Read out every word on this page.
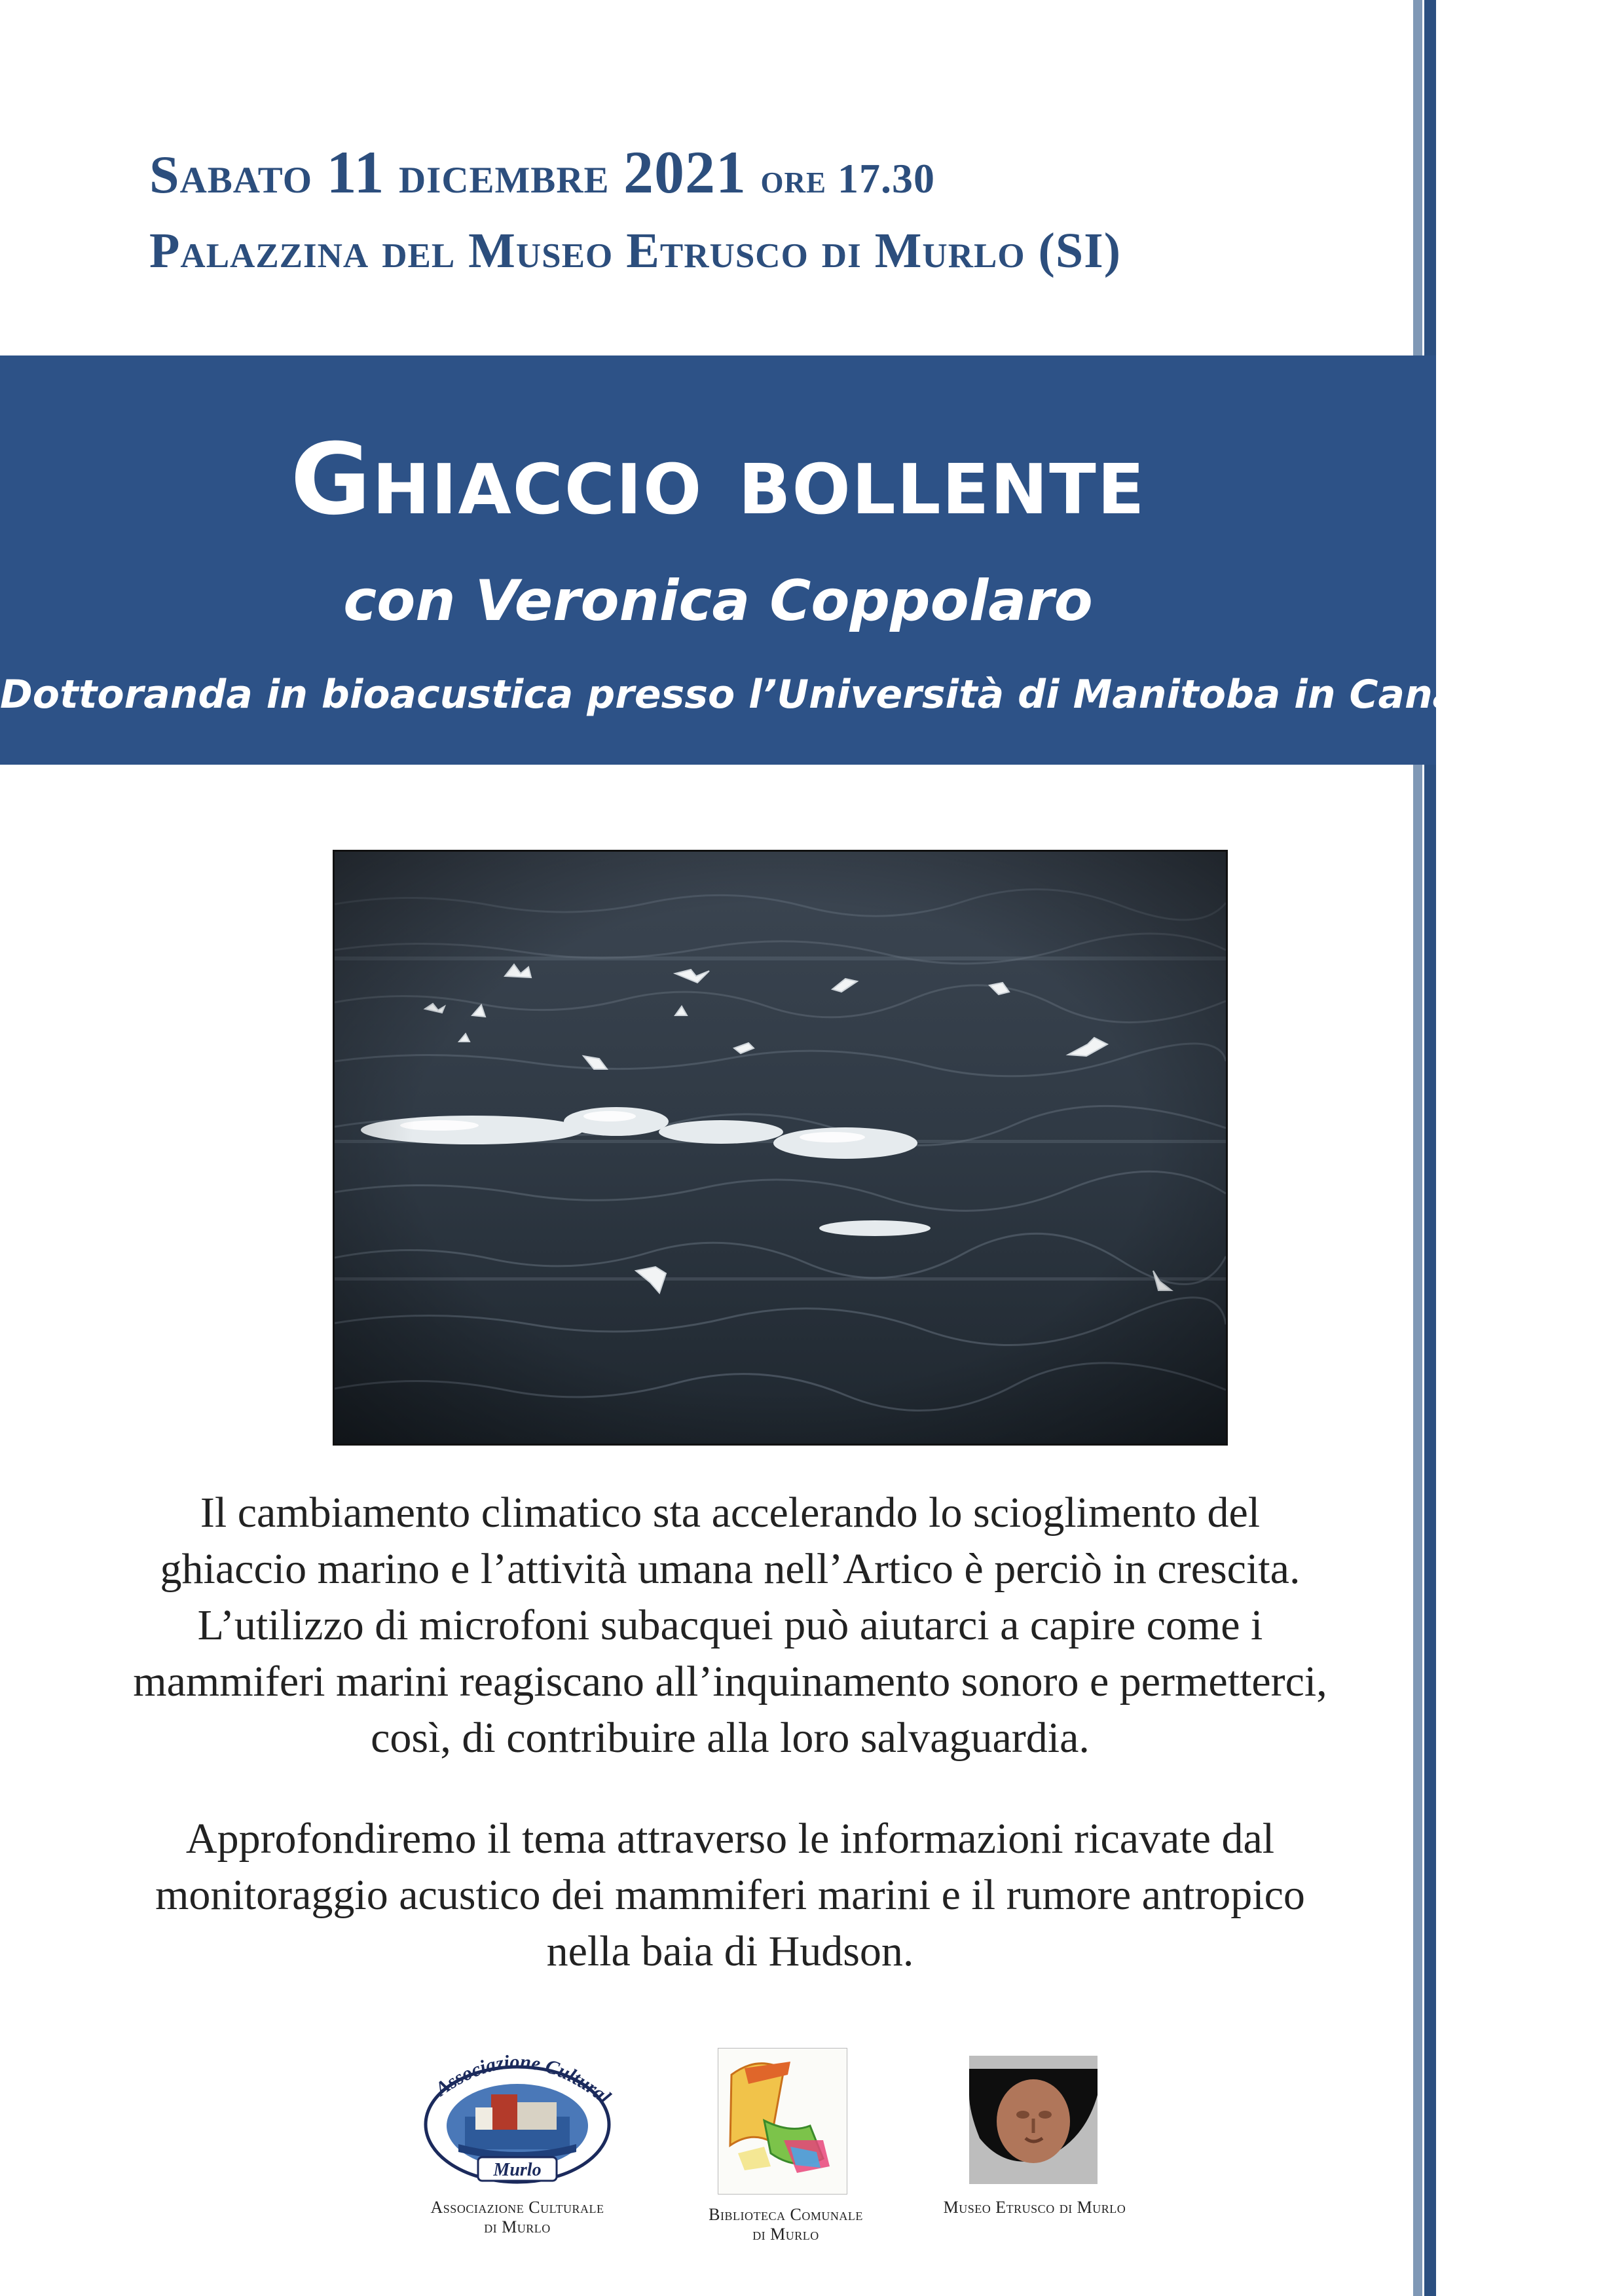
Sabato 11 dicembre 2021 ore 17.30
Palazzina del Museo Etrusco di Murlo (SI)
Ghiaccio bollente
con Veronica Coppolaro
Dottoranda in bioacustica presso l’Università di Manitoba in Canada
Il cambiamento climatico sta accelerando lo scioglimento del ghiaccio marino e l’attività umana nell’Artico è perciò in crescita. L’utilizzo di microfoni subacquei può aiutarci a capire come i mammiferi marini reagiscano all’inquinamento sonoro e permetterci, così, di contribuire alla loro salvaguardia.
Approfondiremo il tema attraverso le informazioni ricavate dal monitoraggio acustico dei mammiferi marini e il rumore antropico nella baia di Hudson.
Associazione Cultural
Murlo
Associazione Culturale
di Murlo
Biblioteca Comunale
di Murlo
Museo Etrusco di Murlo
